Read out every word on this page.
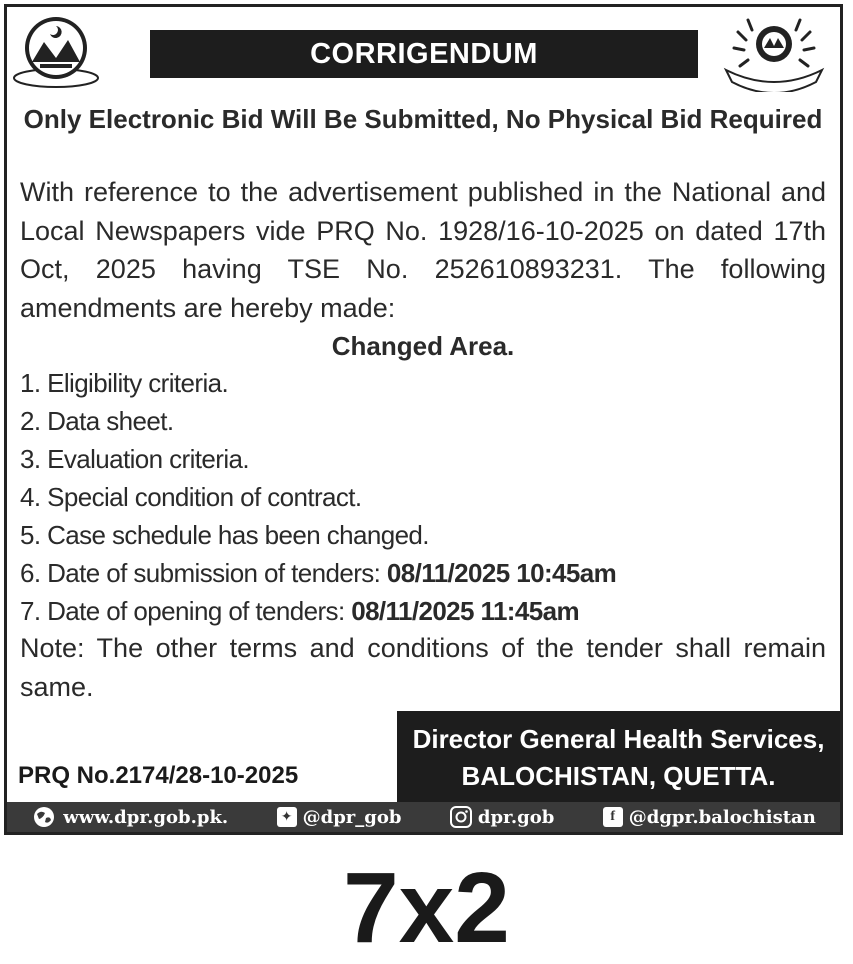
CORRIGENDUM
Only Electronic Bid Will Be Submitted, No Physical Bid Required
With reference to the advertisement published in the National and Local Newspapers vide PRQ No. 1928/16-10-2025 on dated 17th Oct, 2025 having TSE No. 252610893231. The following amendments are hereby made:
Changed Area.
1. Eligibility criteria.
2. Data sheet.
3. Evaluation criteria.
4. Special condition of contract.
5. Case schedule has been changed.
6. Date of submission of tenders: 08/11/2025 10:45am
7. Date of opening of tenders: 08/11/2025 11:45am
Note: The other terms and conditions of the tender shall remain same.
Director General Health Services,
BALOCHISTAN, QUETTA.
PRQ No.2174/28-10-2025
www.dpr.gob.pk.	✦ @dpr_gob	dpr.gob	f @dgpr.balochistan
7x2
